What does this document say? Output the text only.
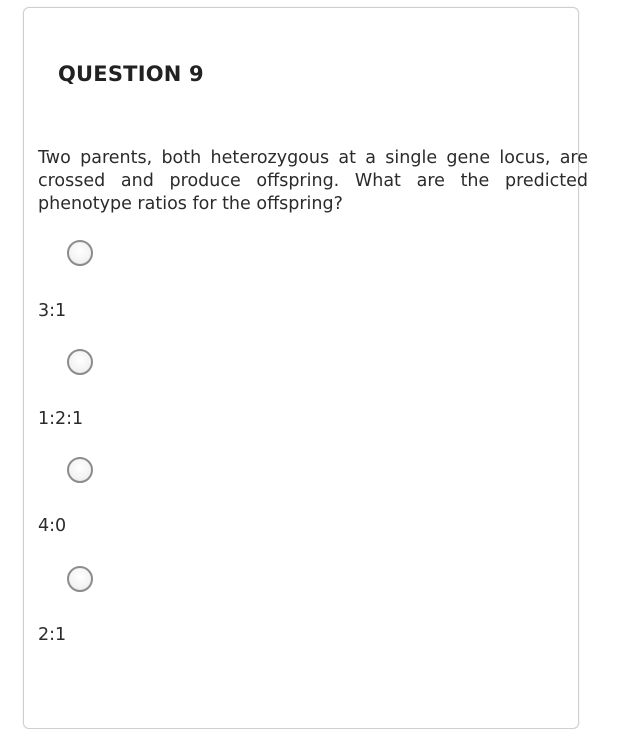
QUESTION 9
Two parents, both heterozygous at a single gene locus, are crossed and produce offspring. What are the predicted phenotype ratios for the offspring?
3:1
1:2:1
4:0
2:1
